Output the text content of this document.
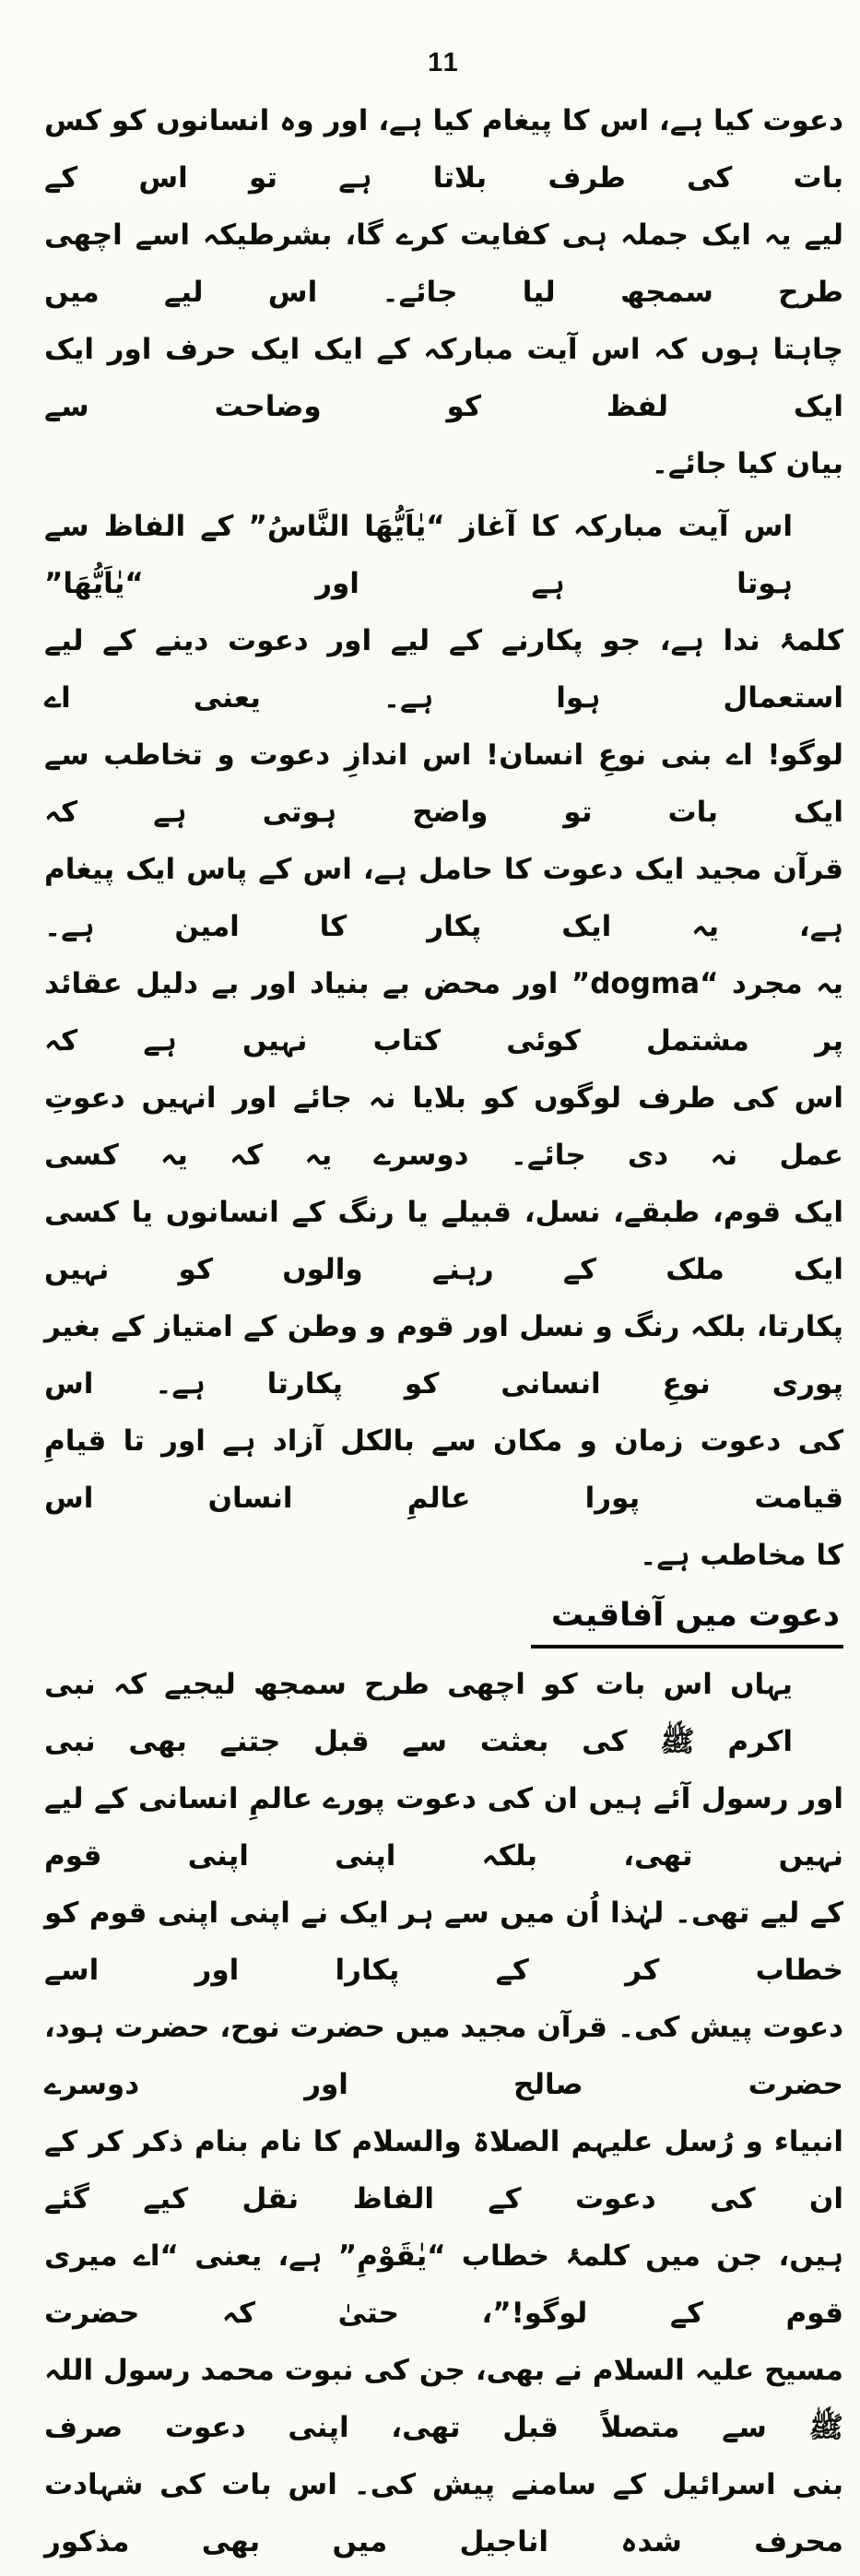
11
دعوت کیا ہے، اس کا پیغام کیا ہے، اور وہ انسانوں کو کس بات کی طرف بلاتا ہے تو اس کے
لیے یہ ایک جملہ ہی کفایت کرے گا، بشرطیکہ اسے اچھی طرح سمجھ لیا جائے۔ اس لیے میں
چاہتا ہوں کہ اس آیت مبارکہ کے ایک ایک حرف اور ایک ایک لفظ کو وضاحت سے
بیان کیا جائے۔
اس آیت مبارکہ کا آغاز “يٰاَيُّهَا النَّاسُ” کے الفاظ سے ہوتا ہے اور “يٰاَيُّهَا”
کلمۂ ندا ہے، جو پکارنے کے لیے اور دعوت دینے کے لیے استعمال ہوا ہے۔ یعنی اے
لوگو! اے بنی نوعِ انسان! اس اندازِ دعوت و تخاطب سے ایک بات تو واضح ہوتی ہے کہ
قرآن مجید ایک دعوت کا حامل ہے، اس کے پاس ایک پیغام ہے، یہ ایک پکار کا امین ہے۔
یہ مجرد “dogma” اور محض بے بنیاد اور بے دلیل عقائد پر مشتمل کوئی کتاب نہیں ہے کہ
اس کی طرف لوگوں کو بلایا نہ جائے اور انہیں دعوتِ عمل نہ دی جائے۔ دوسرے یہ کہ یہ کسی
ایک قوم، طبقے، نسل، قبیلے یا رنگ کے انسانوں یا کسی ایک ملک کے رہنے والوں کو نہیں
پکارتا، بلکہ رنگ و نسل اور قوم و وطن کے امتیاز کے بغیر پوری نوعِ انسانی کو پکارتا ہے۔ اس
کی دعوت زمان و مکان سے بالکل آزاد ہے اور تا قیامِ قیامت پورا عالمِ انسان اس
کا مخاطب ہے۔
دعوت میں آفاقیت
یہاں اس بات کو اچھی طرح سمجھ لیجیے کہ نبی اکرم ﷺ کی بعثت سے قبل جتنے بھی نبی
اور رسول آئے ہیں ان کی دعوت پورے عالمِ انسانی کے لیے نہیں تھی، بلکہ اپنی اپنی قوم
کے لیے تھی۔ لہٰذا اُن میں سے ہر ایک نے اپنی اپنی قوم کو خطاب کر کے پکارا اور اسے
دعوت پیش کی۔ قرآن مجید میں حضرت نوح، حضرت ہود، حضرت صالح اور دوسرے
انبیاء و رُسل علیہم الصلاۃ والسلام کا نام بنام ذکر کر کے ان کی دعوت کے الفاظ نقل کیے گئے
ہیں، جن میں کلمۂ خطاب “يٰقَوْمِ” ہے، یعنی “اے میری قوم کے لوگو!”، حتیٰ کہ حضرت
مسیح علیہ السلام نے بھی، جن کی نبوت محمد رسول اللہ ﷺ سے متصلاً قبل تھی، اپنی دعوت صرف
بنی اسرائیل کے سامنے پیش کی۔ اس بات کی شہادت محرف شدہ اناجیل میں بھی مذکور
